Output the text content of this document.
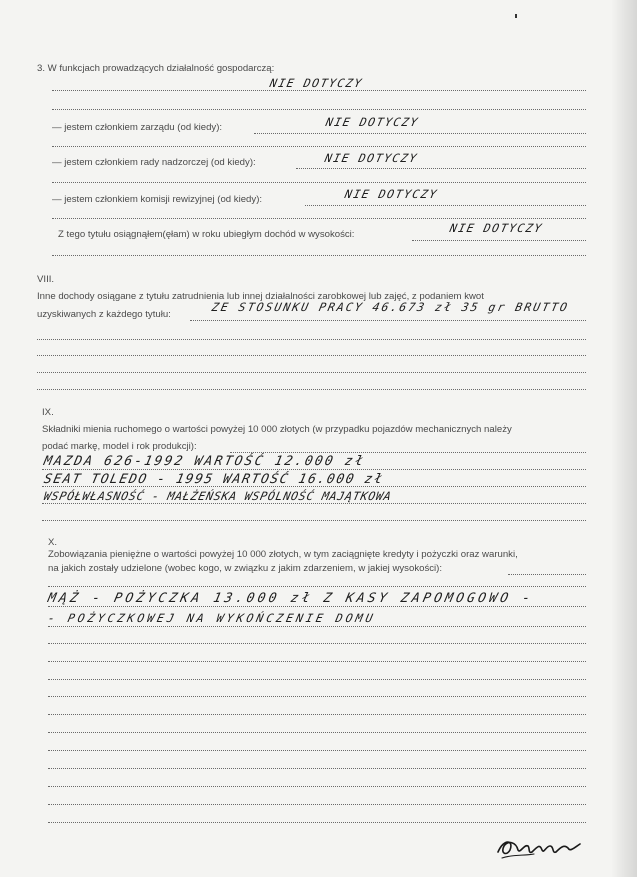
3. W funkcjach prowadzących działalność gospodarczą:
NIE DOTYCZY
— jestem członkiem zarządu (od kiedy):	NIE DOTYCZY
— jestem członkiem rady nadzorczej (od kiedy):	NIE DOTYCZY
— jestem członkiem komisji rewizyjnej (od kiedy):	NIE DOTYCZY
Z tego tytułu osiągnąłem(ęłam) w roku ubiegłym dochód w wysokości:	NIE DOTYCZY
VIII.
Inne dochody osiągane z tytułu zatrudnienia lub innej działalności zarobkowej lub zajęć, z podaniem kwot
uzyskiwanych z każdego tytułu:
ZE STOSUNKU PRACY 46.673 zł 35 gr BRUTTO
IX.
Składniki mienia ruchomego o wartości powyżej 10 000 złotych (w przypadku pojazdów mechanicznych należy
podać markę, model i rok produkcji):
MAZDA 626-1992 WARTOŚĆ 12.000 zł
SEAT TOLEDO - 1995 WARTOŚĆ 16.000 zł
WSPÓŁWŁASNOŚĆ - MAŁŻEŃSKA WSPÓLNOŚĆ MAJĄTKOWA
X.
Zobowiązania pieniężne o wartości powyżej 10 000 złotych, w tym zaciągnięte kredyty i pożyczki oraz warunki,
na jakich zostały udzielone (wobec kogo, w związku z jakim zdarzeniem, w jakiej wysokości):
MĄŻ - POŻYCZKA 13.000 zł Z KASY ZAPOMOGOWO -
- POŻYCZKOWEJ NA WYKOŃCZENIE DOMU
